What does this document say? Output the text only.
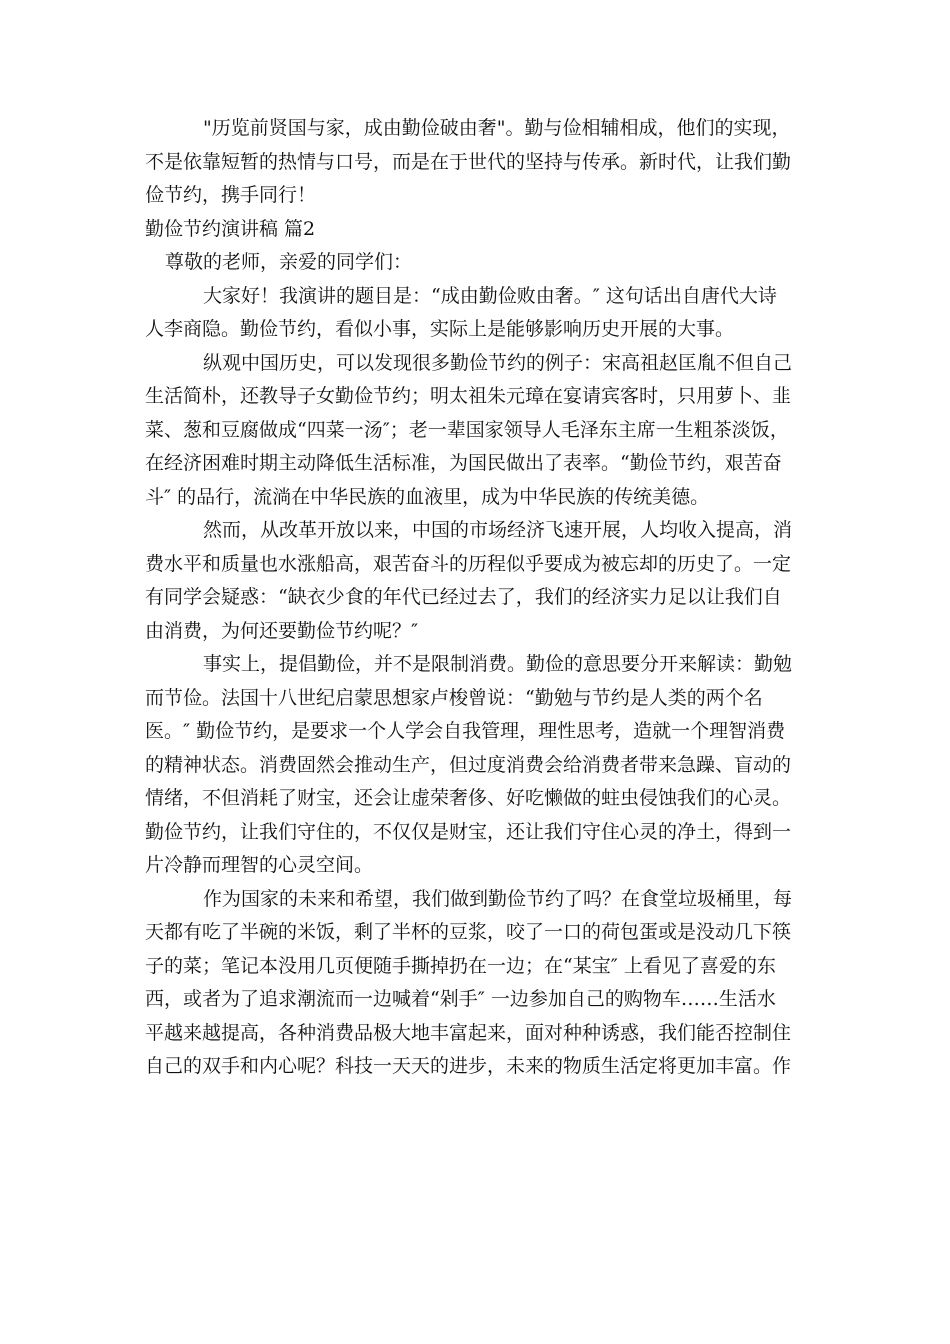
"历览前贤国与家，成由勤俭破由奢"。勤与俭相辅相成，他们的实现，
不是依靠短暂的热情与口号，而是在于世代的坚持与传承。新时代，让我们勤
俭节约，携手同行！

勤俭节约演讲稿 篇2

尊敬的老师，亲爱的同学们：

大家好！我演讲的题目是：“成由勤俭败由奢。″ 这句话出自唐代大诗
人李商隐。勤俭节约，看似小事，实际上是能够影响历史开展的大事。

纵观中国历史，可以发现很多勤俭节约的例子：宋高祖赵匡胤不但自己
生活简朴，还教导子女勤俭节约；明太祖朱元璋在宴请宾客时，只用萝卜、韭
菜、葱和豆腐做成“四菜一汤″；老一辈国家领导人毛泽东主席一生粗茶淡饭，
在经济困难时期主动降低生活标准，为国民做出了表率。“勤俭节约，艰苦奋
斗″ 的品行，流淌在中华民族的血液里，成为中华民族的传统美德。

然而，从改革开放以来，中国的市场经济飞速开展，人均收入提高，消
费水平和质量也水涨船高，艰苦奋斗的历程似乎要成为被忘却的历史了。一定
有同学会疑惑：“缺衣少食的年代已经过去了，我们的经济实力足以让我们自
由消费，为何还要勤俭节约呢？″

事实上，提倡勤俭，并不是限制消费。勤俭的意思要分开来解读：勤勉
而节俭。法国十八世纪启蒙思想家卢梭曾说：“勤勉与节约是人类的两个名
医。″ 勤俭节约，是要求一个人学会自我管理，理性思考，造就一个理智消费
的精神状态。消费固然会推动生产，但过度消费会给消费者带来急躁、盲动的
情绪，不但消耗了财宝，还会让虚荣奢侈、好吃懒做的蛀虫侵蚀我们的心灵。
勤俭节约，让我们守住的，不仅仅是财宝，还让我们守住心灵的净土，得到一
片冷静而理智的心灵空间。

作为国家的未来和希望，我们做到勤俭节约了吗？在食堂垃圾桶里，每
天都有吃了半碗的米饭，剩了半杯的豆浆，咬了一口的荷包蛋或是没动几下筷
子的菜；笔记本没用几页便随手撕掉扔在一边；在“某宝″ 上看见了喜爱的东
西，或者为了追求潮流而一边喊着“剁手″ 一边参加自己的购物车……生活水
平越来越提高，各种消费品极大地丰富起来，面对种种诱惑，我们能否控制住
自己的双手和内心呢？科技一天天的进步，未来的物质生活定将更加丰富。作
